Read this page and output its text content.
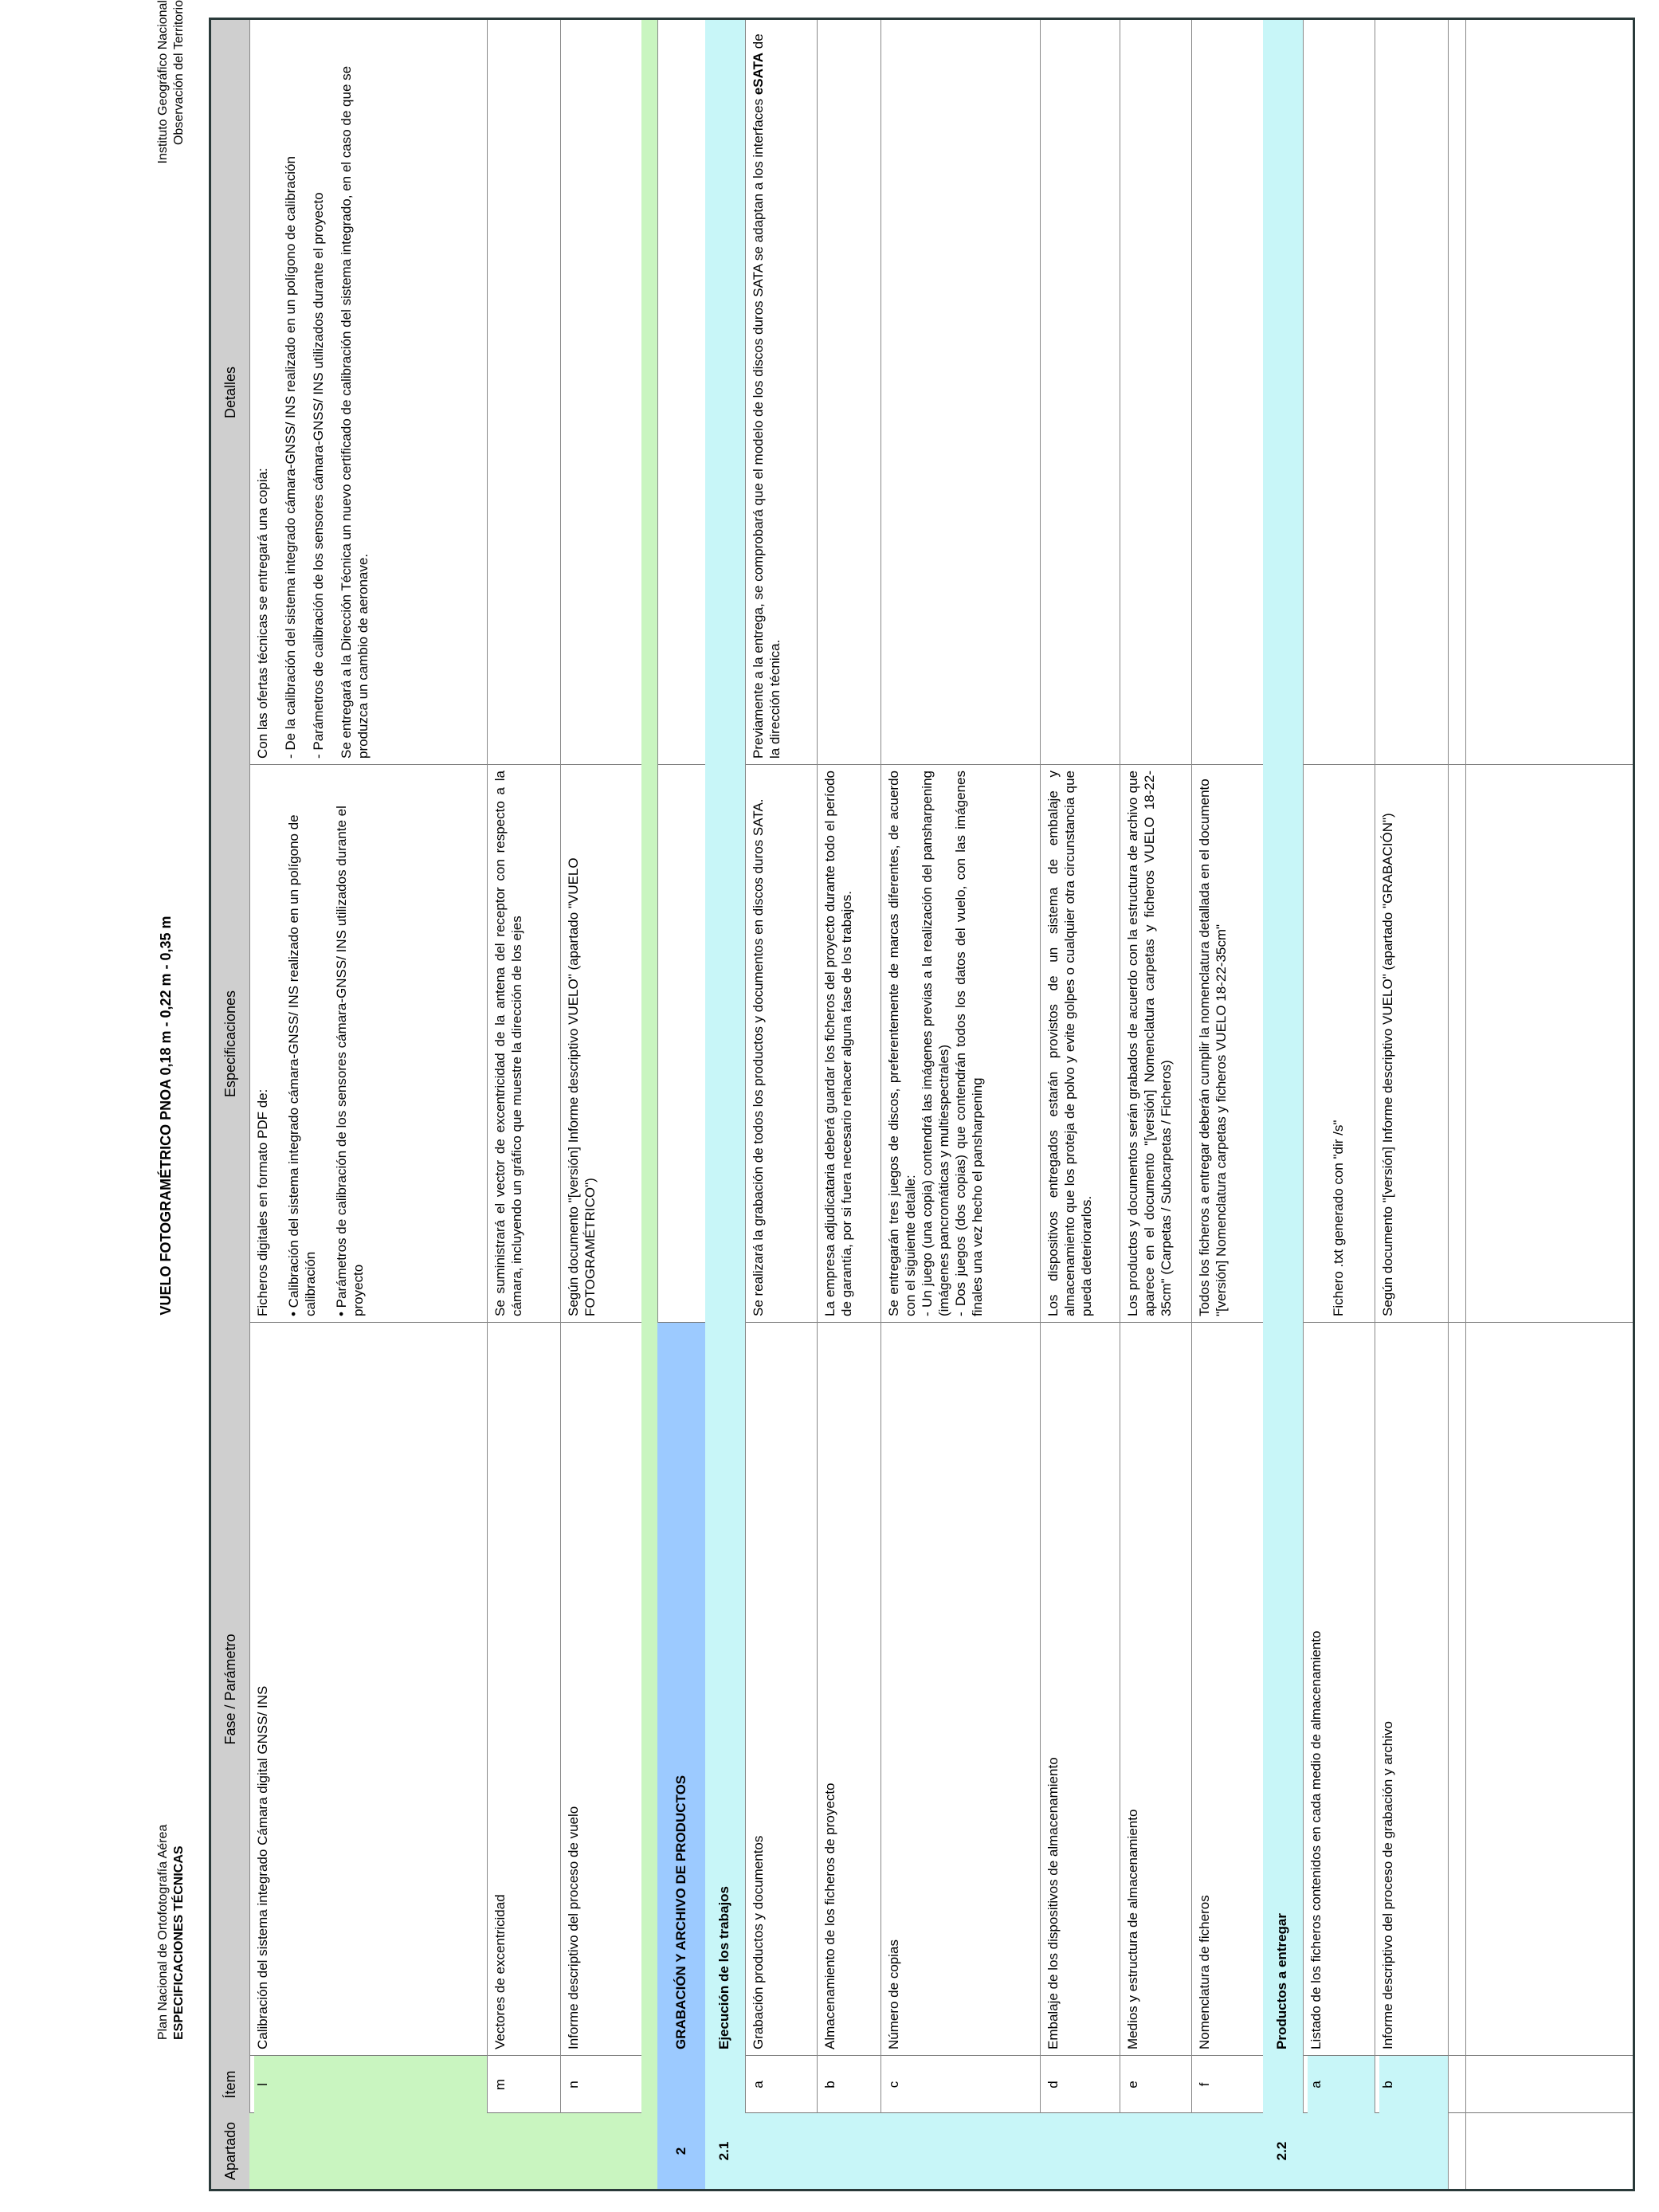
Plan Nacional de Ortofotografía Aérea ESPECIFICACIONES TÉCNICAS
VUELO FOTOGRAMÉTRICO PNOA 0,18 m - 0,22 m - 0,35 m
Instituto Geográfico Nacional Observación del Territorio
Apartado
Ítem
Fase / Parámetro
Especificaciones
Detalles
l
Calibración del sistema integrado Cámara digital GNSS/ INS
Ficheros digitales en formato PDF de: • Calibración del sistema integrado cámara-GNSS/ INS realizado en un polígono de calibración • Parámetros de calibración de los sensores cámara-GNSS/ INS utilizados durante el proyecto
Con las ofertas técnicas se entregará una copia: - De la calibración del sistema integrado cámara-GNSS/ INS realizado en un polígono de calibración - Parámetros de calibración de los sensores cámara-GNSS/ INS utilizados durante el proyecto Se entregará a la Dirección Técnica un nuevo certificado de calibración del sistema integrado, en el caso de que se produzca un cambio de aeronave.
m
Vectores de excentricidad
Se suministrará el vector de excentricidad de la antena del receptor con respecto a la cámara, incluyendo un gráfico que muestre la dirección de los ejes
n
Informe descriptivo del proceso de vuelo
Según documento "[versión] Informe descriptivo VUELO" (apartado "VUELO FOTOGRAMÉTRICO")
2
GRABACIÓN Y ARCHIVO DE PRODUCTOS
2.1
Ejecución de los trabajos
a
Grabación productos y documentos
Se realizará la grabación de todos los productos y documentos en discos duros SATA.
Previamente a la entrega, se comprobará que el modelo de los discos duros SATA se adaptan a los interfaces eSATA de la dirección técnica.
b
Almacenamiento de los ficheros de proyecto
La empresa adjudicataria deberá guardar los ficheros del proyecto durante todo el período de garantía, por si fuera necesario rehacer alguna fase de los trabajos.
c
Número de copias
Se entregarán tres juegos de discos, preferentemente de marcas diferentes, de acuerdo con el siguiente detalle: - Un juego (una copia) contendrá las imágenes previas a la realización del pansharpening (imágenes pancromáticas y multiespectrales) - Dos juegos (dos copias) que contendrán todos los datos del vuelo, con las imágenes finales una vez hecho el pansharpening
d
Embalaje de los dispositivos de almacenamiento
Los dispositivos entregados estarán provistos de un sistema de embalaje y almacenamiento que los proteja de polvo y evite golpes o cualquier otra circunstancia que pueda deteriorarlos.
e
Medios y estructura de almacenamiento
Los productos y documentos serán grabados de acuerdo con la estructura de archivo que aparece en el documento "[versión] Nomenclatura carpetas y ficheros VUELO 18-22-35cm" (Carpetas / Subcarpetas / Ficheros)
f
Nomenclatura de ficheros
Todos los ficheros a entregar deberán cumplir la nomenclatura detallada en el documento "[versión] Nomenclatura carpetas y ficheros VUELO 18-22-35cm"
2.2
Productos a entregar
a
Listado de los ficheros contenidos en cada medio de almacenamiento
Fichero .txt generado con "dir /s"
b
Informe descriptivo del proceso de grabación y archivo
Según documento "[versión] Informe descriptivo VUELO" (apartado "GRABACIÓN")
